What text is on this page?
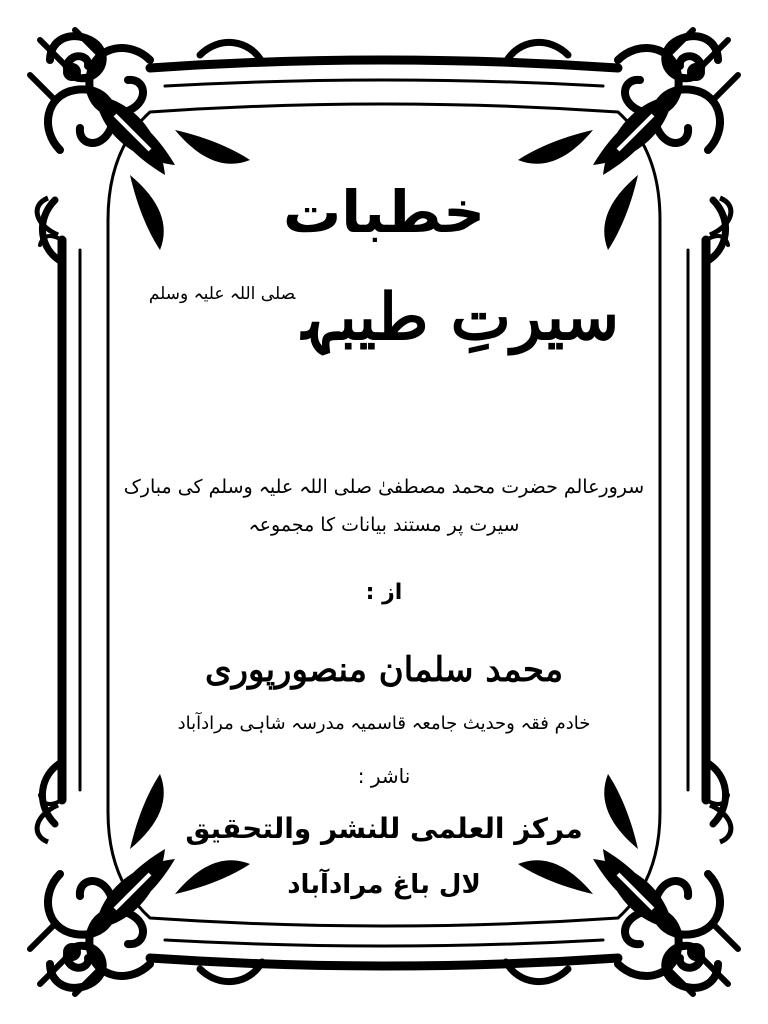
خطبات
سیرتِ طیبہ$^{صلی اللہ علیہ وسلم}$
سرورعالم حضرت محمد مصطفیٰ صلی اللہ علیہ وسلم کی مبارک
سیرت پر مستند بیانات کا مجموعہ
از :
محمد سلمان منصورپوری
خادم فقہ وحدیث جامعہ قاسمیہ مدرسہ شاہی مرادآباد
ناشر :
مرکز العلمی للنشر والتحقیق
لال باغ مرادآباد
